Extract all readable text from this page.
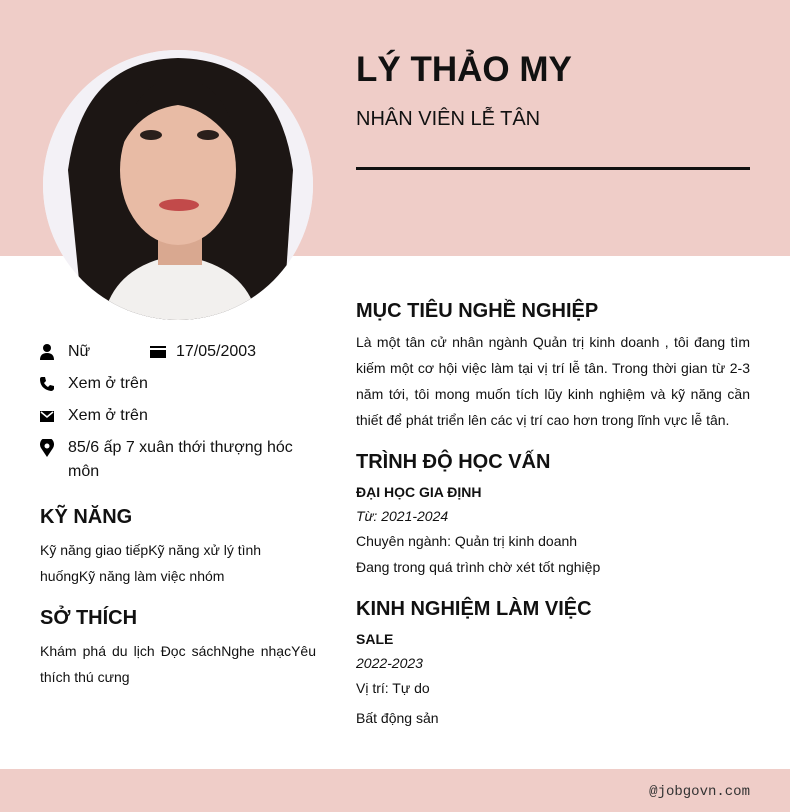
LÝ THẢO MY
NHÂN VIÊN LỄ TÂN
Nữ	17/05/2003
Xem ở trên
Xem ở trên
85/6 ấp 7 xuân thới thượng hóc môn
KỸ NĂNG

Kỹ năng giao tiếpKỹ năng xử lý tình huốngKỹ năng làm việc nhóm

SỞ THÍCH

Khám phá du lịch Đọc sáchNghe nhạcYêu thích thú cưng

MỤC TIÊU NGHỀ NGHIỆP

Là một tân cử nhân ngành Quản trị kinh doanh , tôi đang tìm kiếm một cơ hội việc làm tại vị trí lễ tân. Trong thời gian từ 2-3 năm tới, tôi mong muốn tích lũy kinh nghiệm và kỹ năng cần thiết để phát triển lên các vị trí cao hơn trong lĩnh vực lễ tân.

TRÌNH ĐỘ HỌC VẤN
ĐẠI HỌC GIA ĐỊNH
Từ: 2021-2024
Chuyên ngành: Quản trị kinh doanh
Đang trong quá trình chờ xét tốt nghiệp
KINH NGHIỆM LÀM VIỆC
SALE
2022-2023
Vị trí: Tự do
Bất động sản
@jobgovn.com
